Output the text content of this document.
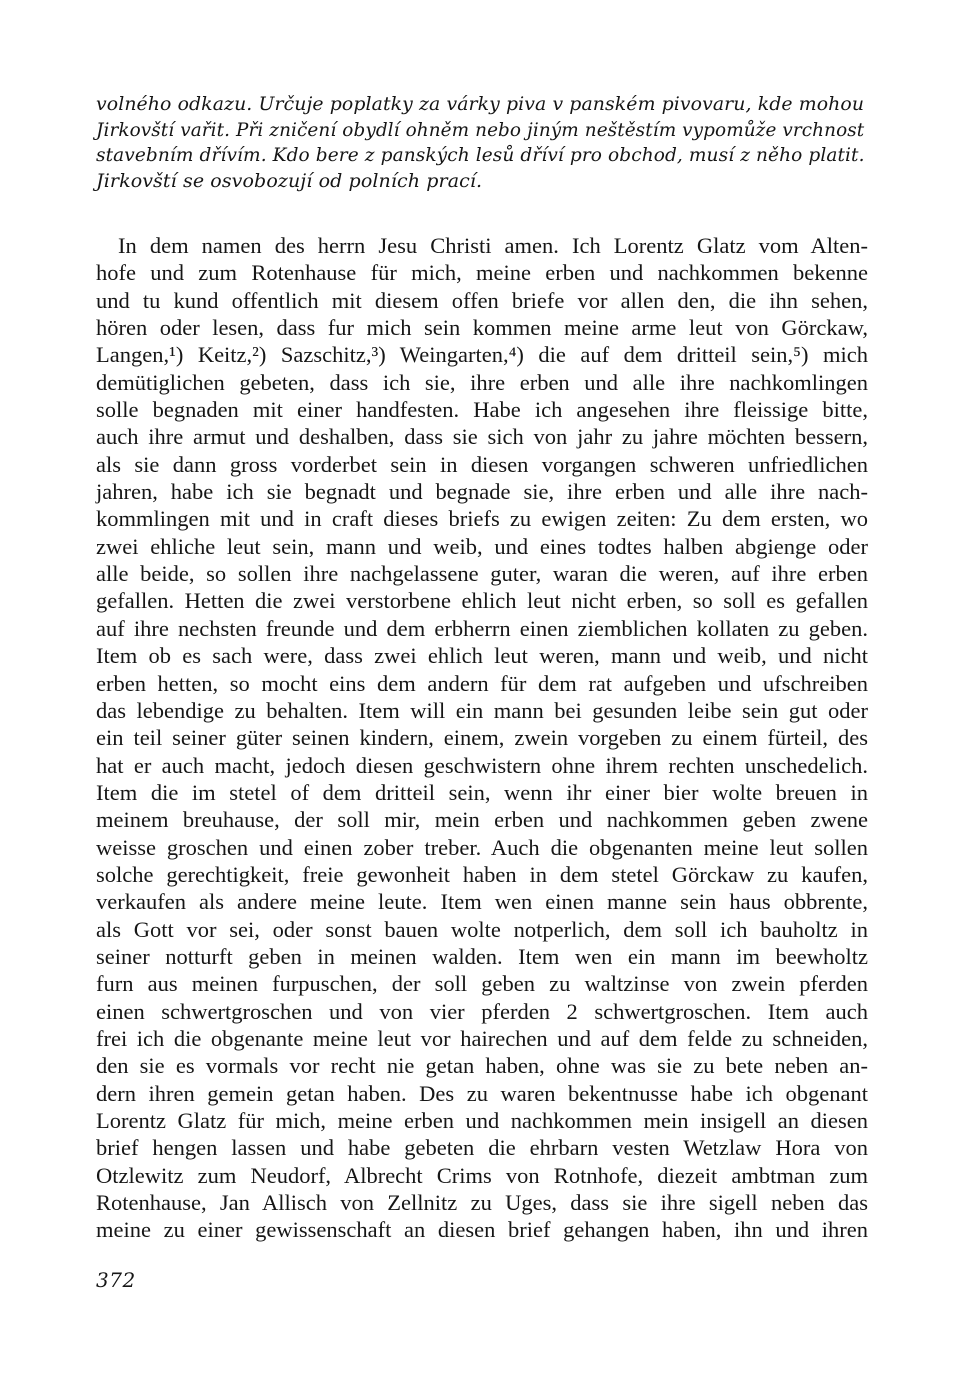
volného odkazu. Určuje poplatky za várky piva v panském pivovaru, kde mohou
Jirkovští vařit. Při zničení obydlí ohněm nebo jiným neštěstím vypomůže vrchnost
stavebním dřívím. Kdo bere z panských lesů dříví pro obchod, musí z něho platit.
Jirkovští se osvobozují od polních prací.
In dem namen des herrn Jesu Christi amen. Ich Lorentz Glatz vom Alten-
hofe und zum Rotenhause für mich, meine erben und nachkommen bekenne
und tu kund offentlich mit diesem offen briefe vor allen den, die ihn sehen,
hören oder lesen, dass fur mich sein kommen meine arme leut von Görckaw,
Langen,¹) Keitz,²) Sazschitz,³) Weingarten,⁴) die auf dem dritteil sein,⁵) mich
demütiglichen gebeten, dass ich sie, ihre erben und alle ihre nachkomlingen
solle begnaden mit einer handfesten. Habe ich angesehen ihre fleissige bitte,
auch ihre armut und deshalben, dass sie sich von jahr zu jahre möchten bessern,
als sie dann gross vorderbet sein in diesen vorgangen schweren unfriedlichen
jahren, habe ich sie begnadt und begnade sie, ihre erben und alle ihre nach-
kommlingen mit und in craft dieses briefs zu ewigen zeiten: Zu dem ersten, wo
zwei ehliche leut sein, mann und weib, und eines todtes halben abgienge oder
alle beide, so sollen ihre nachgelassene guter, waran die weren, auf ihre erben
gefallen. Hetten die zwei verstorbene ehlich leut nicht erben, so soll es gefallen
auf ihre nechsten freunde und dem erbherrn einen ziemblichen kollaten zu geben.
Item ob es sach were, dass zwei ehlich leut weren, mann und weib, und nicht
erben hetten, so mocht eins dem andern für dem rat aufgeben und ufschreiben
das lebendige zu behalten. Item will ein mann bei gesunden leibe sein gut oder
ein teil seiner güter seinen kindern, einem, zwein vorgeben zu einem fürteil, des
hat er auch macht, jedoch diesen geschwistern ohne ihrem rechten unschedelich.
Item die im stetel of dem dritteil sein, wenn ihr einer bier wolte breuen in
meinem breuhause, der soll mir, mein erben und nachkommen geben zwene
weisse groschen und einen zober treber. Auch die obgenanten meine leut sollen
solche gerechtigkeit, freie gewonheit haben in dem stetel Görckaw zu kaufen,
verkaufen als andere meine leute. Item wen einen manne sein haus obbrente,
als Gott vor sei, oder sonst bauen wolte notperlich, dem soll ich bauholtz in
seiner notturft geben in meinen walden. Item wen ein mann im beewholtz
furn aus meinen furpuschen, der soll geben zu waltzinse von zwein pferden
einen schwertgroschen und von vier pferden 2 schwertgroschen. Item auch
frei ich die obgenante meine leut vor hairechen und auf dem felde zu schneiden,
den sie es vormals vor recht nie getan haben, ohne was sie zu bete neben an-
dern ihren gemein getan haben. Des zu waren bekentnusse habe ich obgenant
Lorentz Glatz für mich, meine erben und nachkommen mein insigell an diesen
brief hengen lassen und habe gebeten die ehrbarn vesten Wetzlaw Hora von
Otzlewitz zum Neudorf, Albrecht Crims von Rotnhofe, diezeit ambtman zum
Rotenhause, Jan Allisch von Zellnitz zu Uges, dass sie ihre sigell neben das
meine zu einer gewissenschaft an diesen brief gehangen haben, ihn und ihren
372
